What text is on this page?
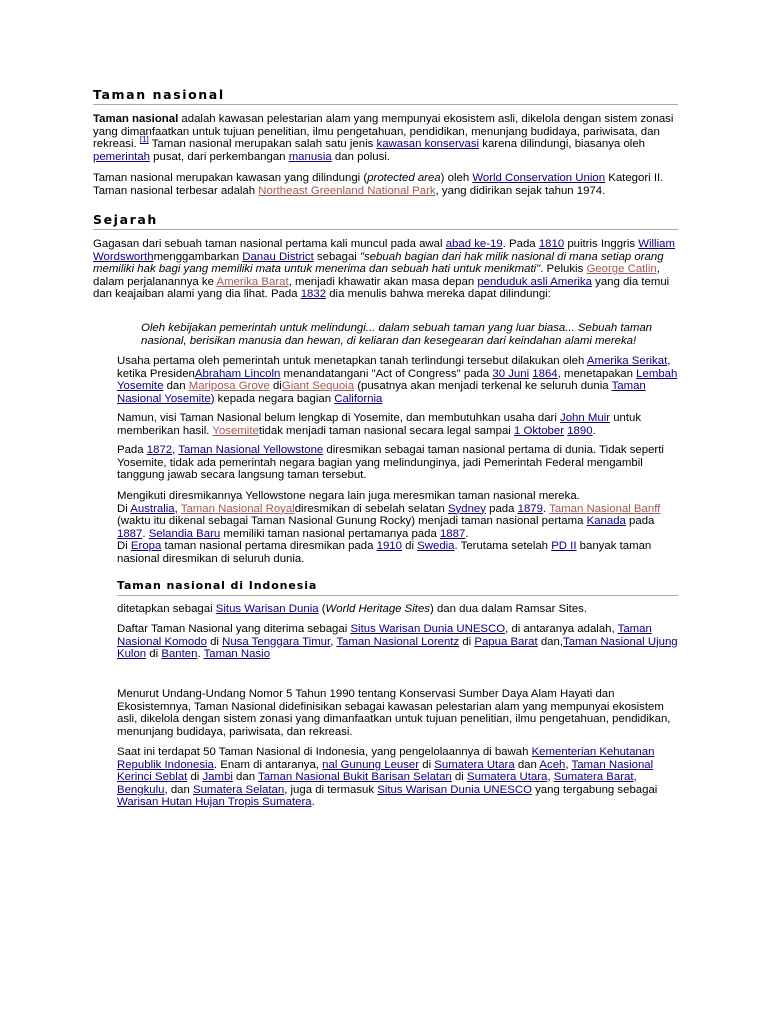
Taman nasional

Taman nasional adalah kawasan pelestarian alam yang mempunyai ekosistem asli, dikelola dengan sistem zonasi yang dimanfaatkan untuk tujuan penelitian, ilmu pengetahuan, pendidikan, menunjang budidaya, pariwisata, dan rekreasi. [1] Taman nasional merupakan salah satu jenis kawasan konservasi karena dilindungi, biasanya oleh pemerintah pusat, dari perkembangan manusia dan polusi.

Taman nasional merupakan kawasan yang dilindungi (protected area) oleh World Conservation Union Kategori II. Taman nasional terbesar adalah Northeast Greenland National Park, yang didirikan sejak tahun 1974.

Sejarah

Gagasan dari sebuah taman nasional pertama kali muncul pada awal abad ke-19. Pada 1810 puitris Inggris William Wordsworthmenggambarkan Danau District sebagai "sebuah bagian dari hak milik nasional di mana setiap orang memiliki hak bagi yang memiliki mata untuk menerima dan sebuah hati untuk menikmati". Pelukis George Catlin, dalam perjalanannya ke Amerika Barat, menjadi khawatir akan masa depan penduduk asli Amerika yang dia temui dan keajaiban alami yang dia lihat. Pada 1832 dia menulis bahwa mereka dapat dilindungi:

Oleh kebijakan pemerintah untuk melindungi... dalam sebuah taman yang luar biasa... Sebuah taman nasional, berisikan manusia dan hewan, di keliaran dan kesegearan dari keindahan alami mereka!

Usaha pertama oleh pemerintah untuk menetapkan tanah terlindungi tersebut dilakukan oleh Amerika Serikat, ketika PresidenAbraham Lincoln menandatangani "Act of Congress" pada 30 Juni 1864, menetapakan Lembah Yosemite dan Mariposa Grove diGiant Sequoia (pusatnya akan menjadi terkenal ke seluruh dunia Taman Nasional Yosemite) kepada negara bagian California

Namun, visi Taman Nasional belum lengkap di Yosemite, dan membutuhkan usaha dari John Muir untuk memberikan hasil. Yosemitetidak menjadi taman nasional secara legal sampai 1 Oktober 1890.

Pada 1872, Taman Nasional Yellowstone diresmikan sebagai taman nasional pertama di dunia. Tidak seperti Yosemite, tidak ada pemerintah negara bagian yang melindunginya, jadi Pemerintah Federal mengambil tanggung jawab secara langsung taman tersebut.

Mengikuti diresmikannya Yellowstone negara lain juga meresmikan taman nasional mereka.
Di Australia, Taman Nasional Royaldiresmikan di sebelah selatan Sydney pada 1879. Taman Nasional Banff (waktu itu dikenal sebagai Taman Nasional Gunung Rocky) menjadi taman nasional pertama Kanada pada 1887. Selandia Baru memiliki taman nasional pertamanya pada 1887.
Di Eropa taman nasional pertama diresmikan pada 1910 di Swedia. Terutama setelah PD II banyak taman nasional diresmikan di seluruh dunia.

Taman nasional di Indonesia

ditetapkan sebagai Situs Warisan Dunia (World Heritage Sites) dan dua dalam Ramsar Sites.

Daftar Taman Nasional yang diterima sebagai Situs Warisan Dunia UNESCO, di antaranya adalah, Taman Nasional Komodo di Nusa Tenggara Timur, Taman Nasional Lorentz di Papua Barat dan,Taman Nasional Ujung Kulon di Banten. Taman Nasio

Menurut Undang-Undang Nomor 5 Tahun 1990 tentang Konservasi Sumber Daya Alam Hayati dan Ekosistemnya, Taman Nasional didefinisikan sebagai kawasan pelestarian alam yang mempunyai ekosistem asli, dikelola dengan sistem zonasi yang dimanfaatkan untuk tujuan penelitian, ilmu pengetahuan, pendidikan, menunjang budidaya, pariwisata, dan rekreasi.

Saat ini terdapat 50 Taman Nasional di Indonesia, yang pengelolaannya di bawah Kementerian Kehutanan Republik Indonesia. Enam di antaranya, nal Gunung Leuser di Sumatera Utara dan Aceh, Taman Nasional Kerinci Seblat di Jambi dan Taman Nasional Bukit Barisan Selatan di Sumatera Utara, Sumatera Barat, Bengkulu, dan Sumatera Selatan, juga di termasuk Situs Warisan Dunia UNESCO yang tergabung sebagai Warisan Hutan Hujan Tropis Sumatera.
